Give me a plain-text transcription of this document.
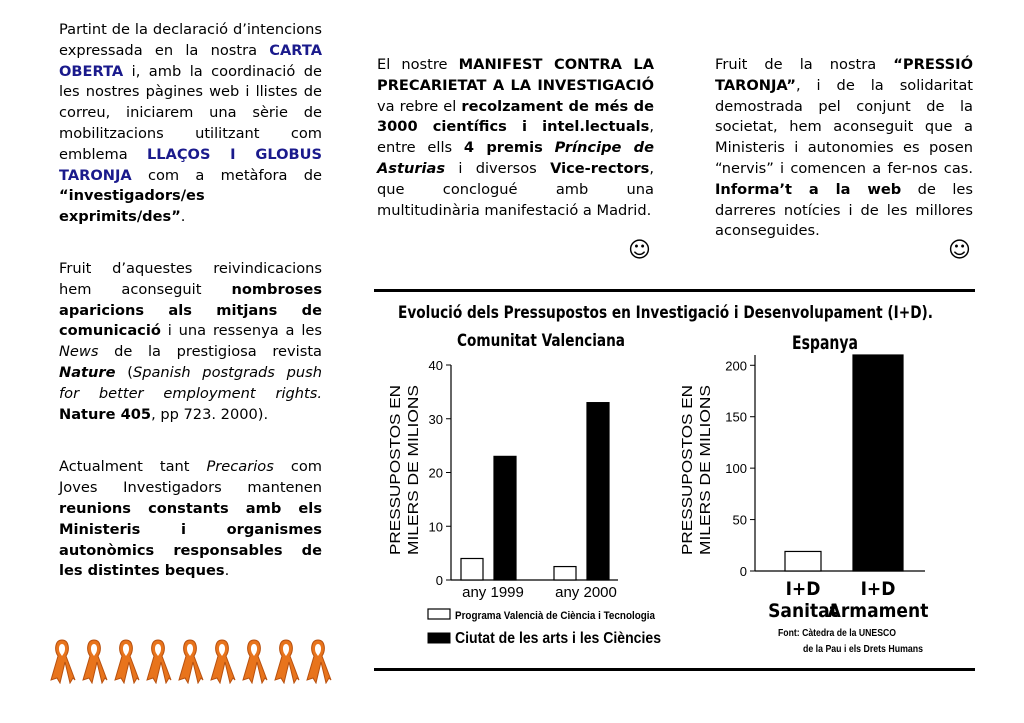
Partint de la declaració d’intencions expressada en la nostra CARTA OBERTA i, amb la coordinació de les nostres pàgines web i llistes de correu, iniciarem una sèrie de mobilitzacions utilitzant com emblema LLAÇOS I GLOBUS TARONJA com a metàfora de “investigadors/es exprimits/des”.

Fruit d’aquestes reivindicacions hem aconseguit nombroses aparicions als mitjans de comunicació i una ressenya a les News de la prestigiosa revista Nature (Spanish postgrads push for better employment rights. Nature 405, pp 723. 2000).

Actualment tant Precarios com Joves Investigadors mantenen reunions constants amb els Ministeris i organismes autonòmics responsables de les distintes beques.

El nostre MANIFEST CONTRA LA PRECARIETAT A LA INVESTIGACIÓ va rebre el recolzament de més de 3000 científics i intel.lectuals, entre ells 4 premis Príncipe de Asturias i diversos Vice-rectors, que conclogué amb una multitudinària manifestació a Madrid.

☺

Fruit de la nostra “PRESSIÓ TARONJA”, i de la solidaritat demostrada pel conjunt de la societat, hem aconseguit que a Ministeris i autonomies es posen “nervis” i comencen a fer-nos cas. Informa’t a la web de les darreres notícies i de les millores aconseguides.

☺
Evolució dels Pressupostos en Investigació i Desenvolupament (I+D).
Comunitat Valenciana	Espanya
PRESSUPOSTOS EN MILERS DE MILIONS	PRESSUPOSTOS EN MILERS DE MILIONS
0
10
20
30
40
any 1999 any 2000
0
50
100
150
200
I+D
Sanitat
I+D
Armament
Programa Valencià de Ciència i Tecnologia
Ciutat de les arts i les Ciències	Font: Càtedra de la UNESCO
de la Pau i els Drets Humans
